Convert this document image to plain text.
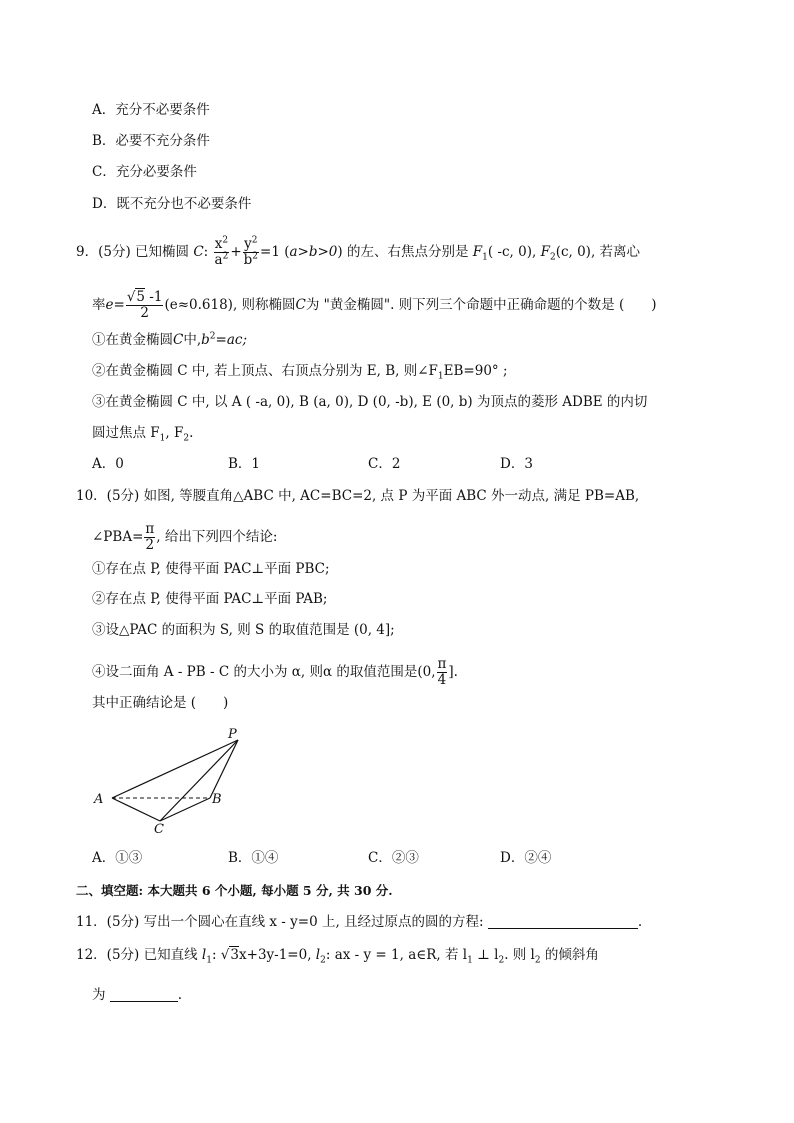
A．充分不必要条件
B．必要不充分条件
C．充分必要条件
D．既不充分也不必要条件
9．(5分) 已知椭圆 C: $\frac{x^2}{a^2} + \frac{y^2}{b^2} =1$ (a>b>0) 的左、右焦点分别是 $F_1$( -c, 0), $F_2(c$, 0), 若离心
率$e= \frac{√5 -1}{2} (e\approx 0.618)$, 则称椭圆C为 "黄金椭圆". 则下列三个命题中正确命题的个数是 (　　)
①在黄金椭圆C中$,b^2=ac$;
②在黄金椭圆 C 中, 若上顶点、右顶点分别为 E, B, 则$\angle F_1EB=90^\circ$ ;
③在黄金椭圆 C 中, 以 A ( -a, 0), B (a, 0), D (0, -b), E (0, b) 为顶点的菱形 ADBE 的内切
圆过焦点 $F_1$, $F_2$.
A．0	B．1	C．2	D．3
10．(5分) 如图, 等腰直角△ABC 中, AC=BC=2, 点 P 为平面 ABC 外一动点, 满足 PB=AB,
∠PBA= $\frac{\pi}{2}$ , 给出下列四个结论:
①存在点 P, 使得平面 PAC⊥平面 PBC;
②存在点 P, 使得平面 PAC⊥平面 PAB;
③设△PAC 的面积为 S, 则 S 的取值范围是 (0, 4];
④设二面角 A - PB - C 的大小为 α, 则α 的取值范围是(0, $\frac{\pi}{4}$ ].
其中正确结论是 (　　)
P
A	B
C
A．①③	B．①④	C．②③	D．②④
二、填空题: 本大题共 6 个小题, 每小题 5 分, 共 30 分.
11．(5分) 写出一个圆心在直线 x - y=0 上, 且经过原点的圆的方程:	.
12．(5分) 已知直线 $l_1$: √3x+3y-1=0, $l_2$: ax - y = 1, a∈R, 若 $l_1$ ⊥ $l_2$. 则 $l_2$ 的倾斜角
为	.
